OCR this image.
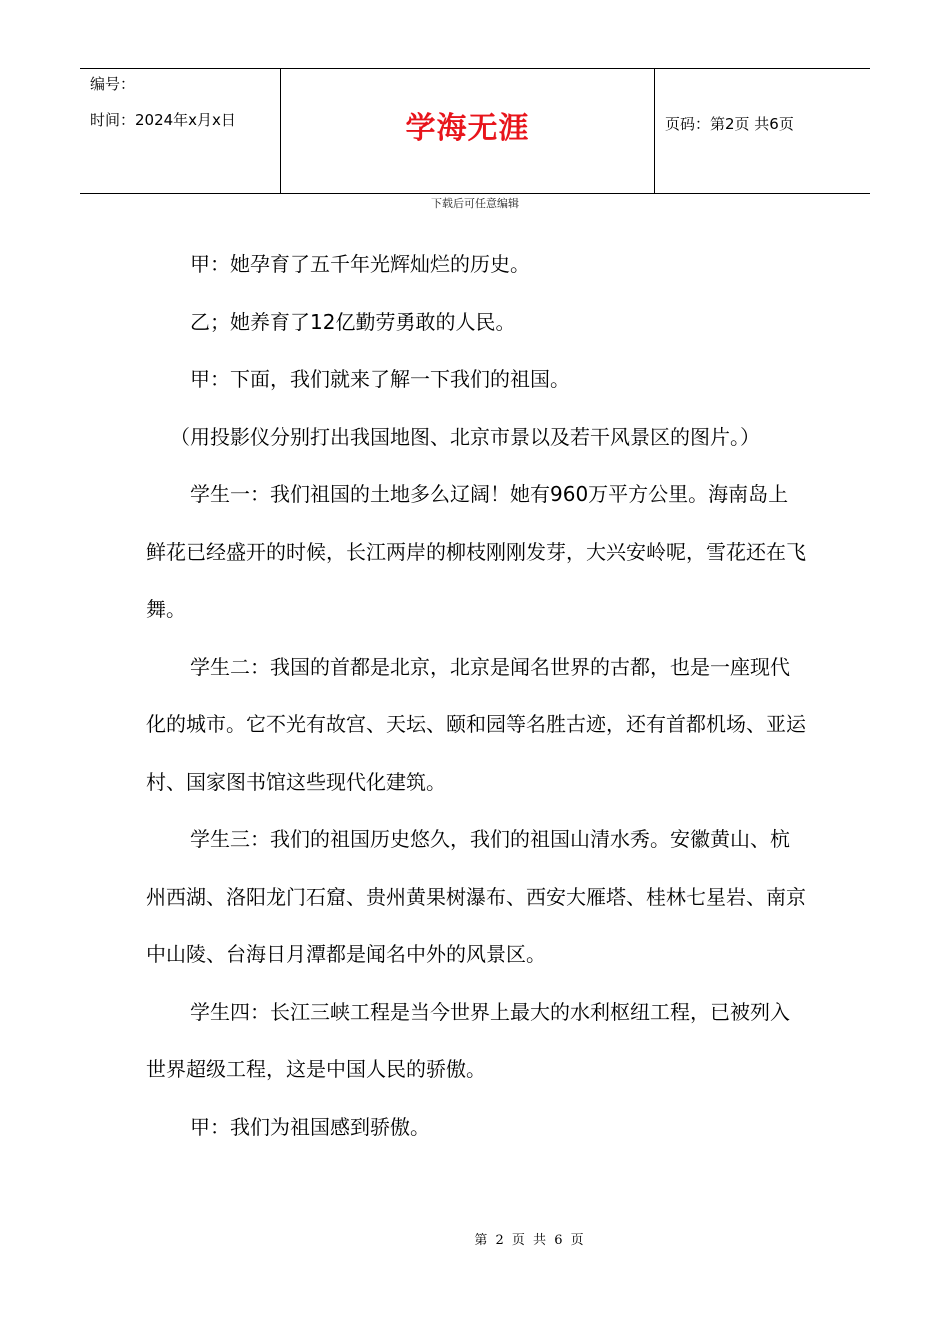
编号：
时间：2024年x月x日	学海无涯	页码：第2页 共6页
下载后可任意编辑

甲：她孕育了五千年光辉灿烂的历史。

乙；她养育了12亿勤劳勇敢的人民。

甲：下面，我们就来了解一下我们的祖国。

（用投影仪分别打出我国地图、北京市景以及若干风景区的图片。）

学生一：我们祖国的土地多么辽阔！她有960万平方公里。海南岛上鲜花已经盛开的时候，长江两岸的柳枝刚刚发芽，大兴安岭呢，雪花还在飞舞。

学生二：我国的首都是北京，北京是闻名世界的古都，也是一座现代化的城市。它不光有故宫、天坛、颐和园等名胜古迹，还有首都机场、亚运村、国家图书馆这些现代化建筑。

学生三：我们的祖国历史悠久，我们的祖国山清水秀。安徽黄山、杭州西湖、洛阳龙门石窟、贵州黄果树瀑布、西安大雁塔、桂林七星岩、南京中山陵、台海日月潭都是闻名中外的风景区。

学生四：长江三峡工程是当今世界上最大的水利枢纽工程，已被列入世界超级工程，这是中国人民的骄傲。

甲：我们为祖国感到骄傲。

第 2 页 共 6 页
